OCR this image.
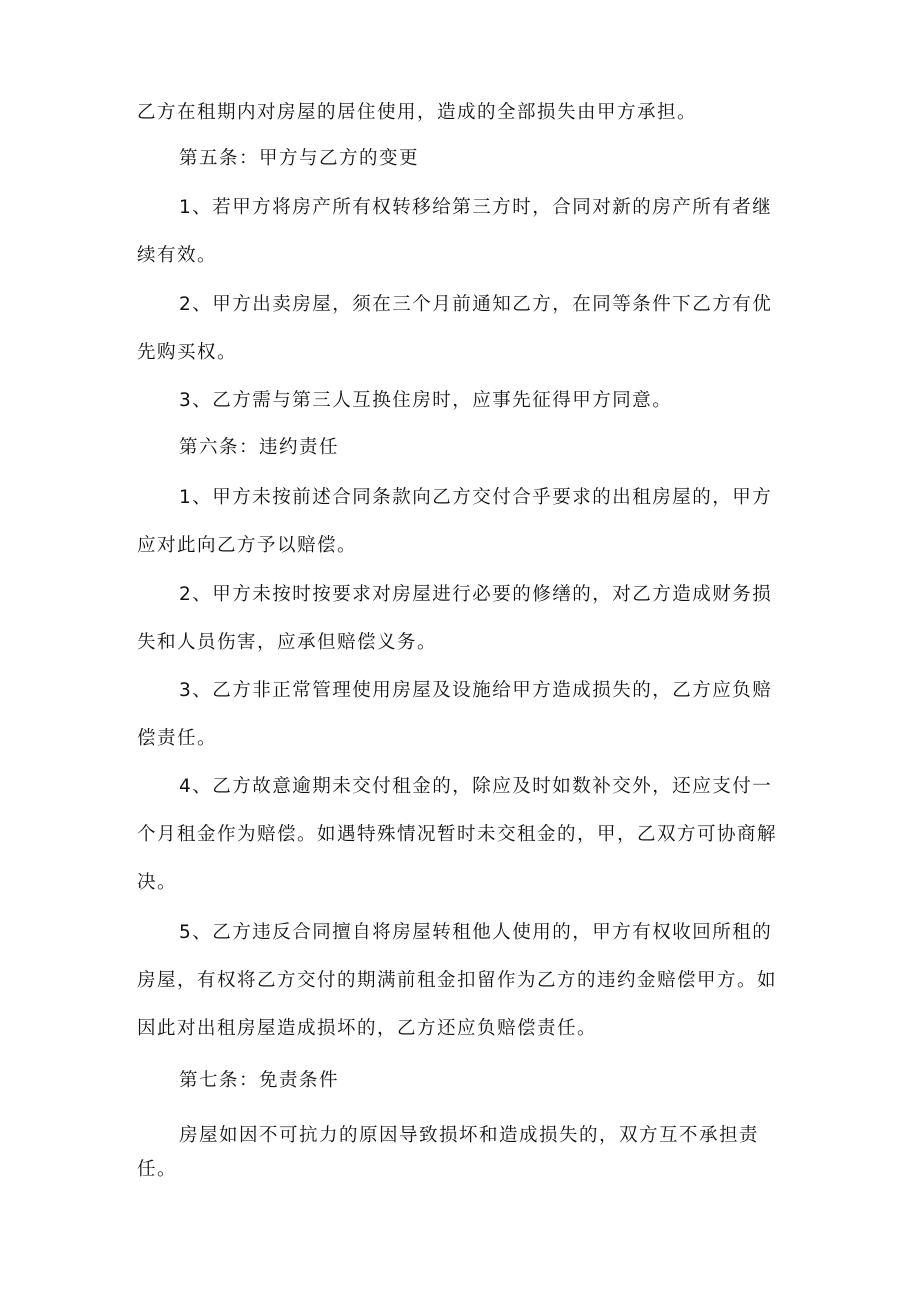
乙方在租期内对房屋的居住使用，造成的全部损失由甲方承担。
第五条：甲方与乙方的变更
1、若甲方将房产所有权转移给第三方时，合同对新的房产所有者继
续有效。
2、甲方出卖房屋，须在三个月前通知乙方，在同等条件下乙方有优
先购买权。
3、乙方需与第三人互换住房时，应事先征得甲方同意。
第六条：违约责任
1、甲方未按前述合同条款向乙方交付合乎要求的出租房屋的，甲方
应对此向乙方予以赔偿。
2、甲方未按时按要求对房屋进行必要的修缮的，对乙方造成财务损
失和人员伤害，应承但赔偿义务。
3、乙方非正常管理使用房屋及设施给甲方造成损失的，乙方应负赔
偿责任。
4、乙方故意逾期未交付租金的，除应及时如数补交外，还应支付一
个月租金作为赔偿。如遇特殊情况暂时未交租金的，甲，乙双方可协商解
决。
5、乙方违反合同擅自将房屋转租他人使用的，甲方有权收回所租的
房屋，有权将乙方交付的期满前租金扣留作为乙方的违约金赔偿甲方。如
因此对出租房屋造成损坏的，乙方还应负赔偿责任。
第七条：免责条件
房屋如因不可抗力的原因导致损坏和造成损失的，双方互不承担责
任。
